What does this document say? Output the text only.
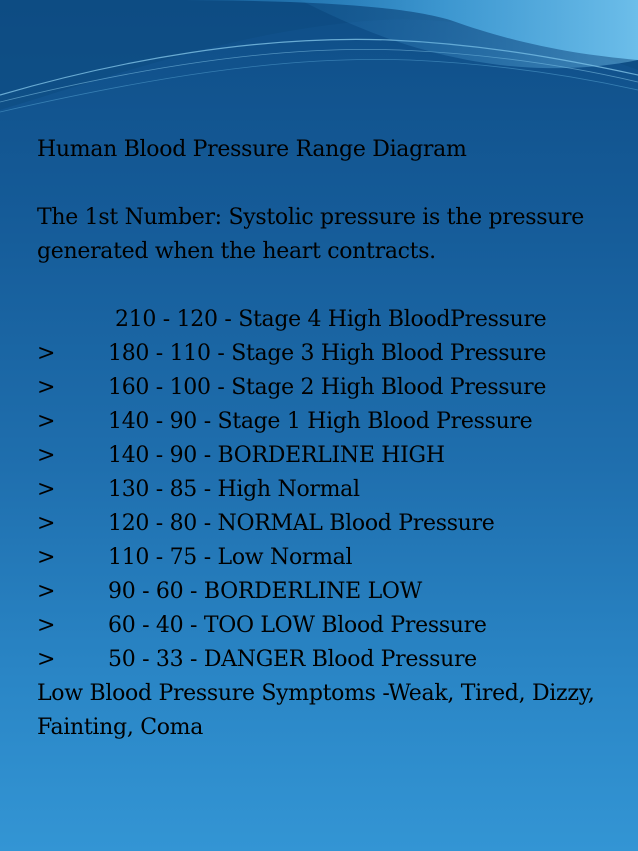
Human Blood Pressure Range Diagram
The 1st Number: Systolic pressure is the pressure generated when the heart contracts.
210 - 120 - Stage 4 High BloodPressure
> 180 - 110 - Stage 3 High Blood Pressure
> 160 - 100 - Stage 2 High Blood Pressure
> 140 - 90 - Stage 1 High Blood Pressure
> 140 - 90 - BORDERLINE HIGH
> 130 - 85 - High Normal
> 120 - 80 - NORMAL Blood Pressure
> 110 - 75 - Low Normal
> 90 - 60 - BORDERLINE LOW
> 60 - 40 - TOO LOW Blood Pressure
> 50 - 33 - DANGER Blood Pressure
Low Blood Pressure Symptoms -Weak, Tired, Dizzy, Fainting, Coma
